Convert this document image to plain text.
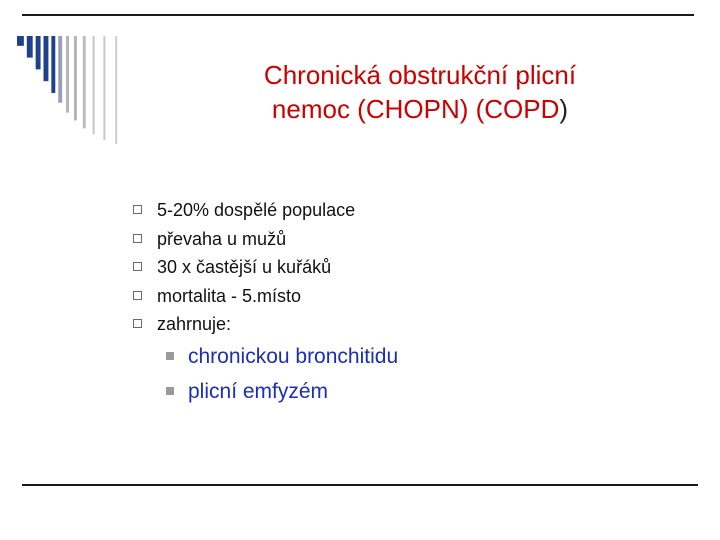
Chronická obstrukční plicní
nemoc (CHOPN) (COPD)
5-20% dospělé populace
převaha u mužů
30 x častější u kuřáků
mortalita - 5.místo
zahrnuje:
chronickou bronchitidu
plicní emfyzém
